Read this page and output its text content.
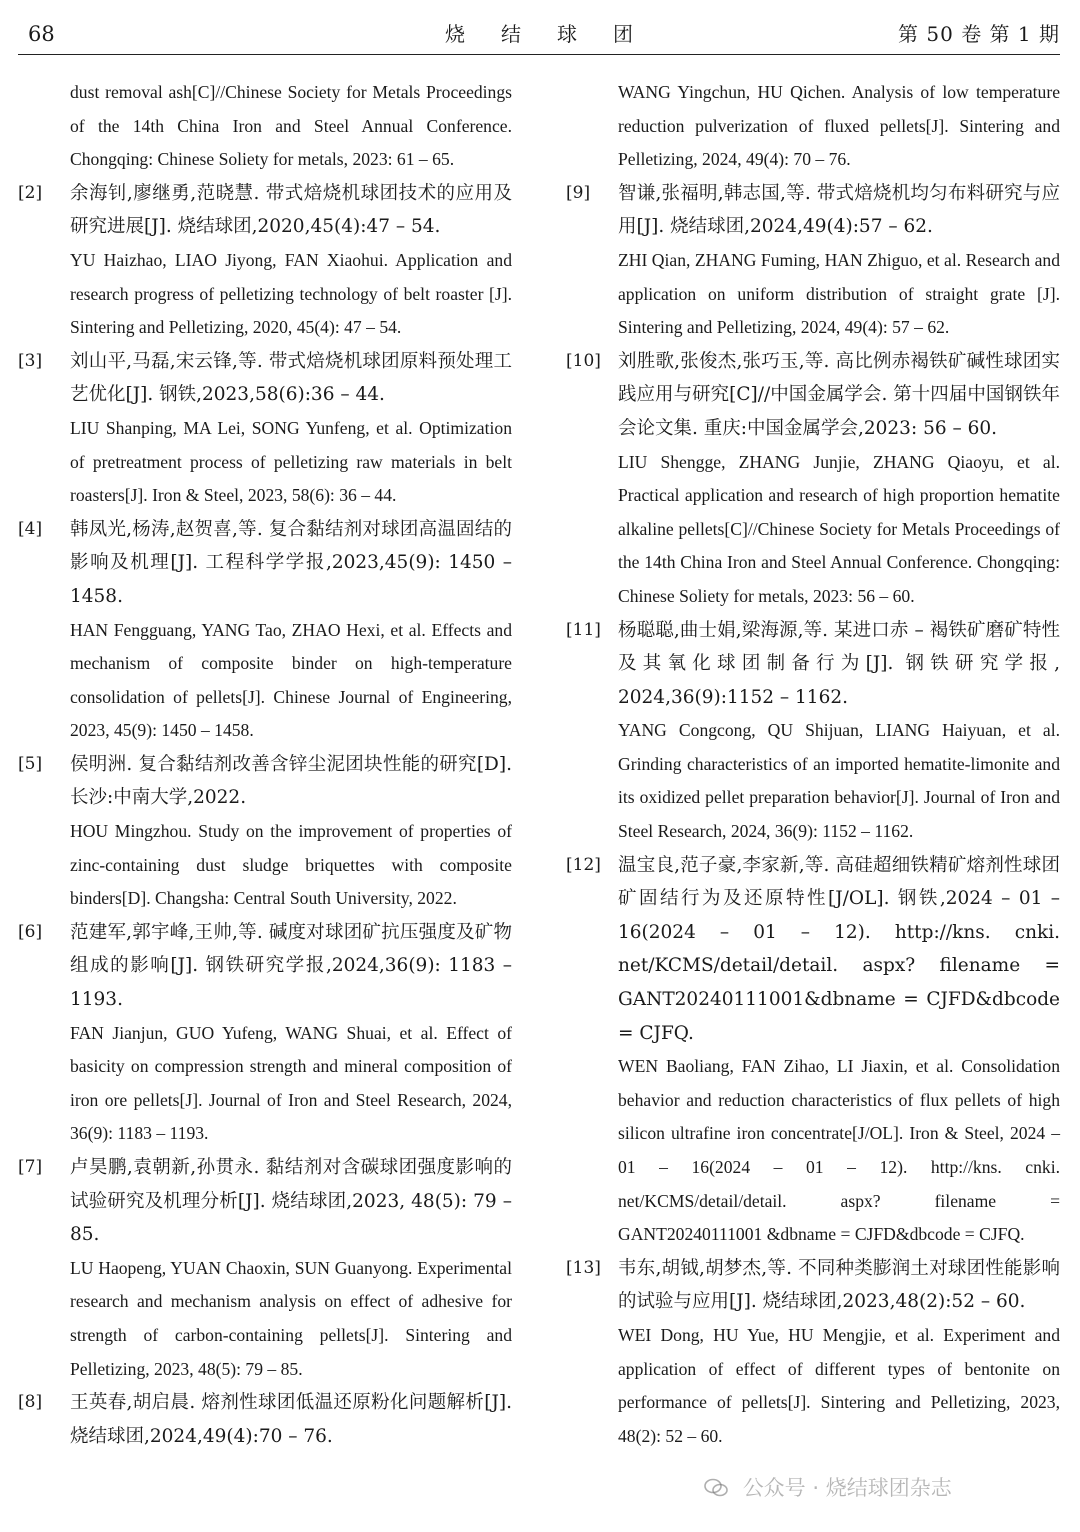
68	烧结球团	第 50 卷 第 1 期
dust removal ash[C]//Chinese Society for Metals Proceedings of the 14th China Iron and Steel Annual Conference. Chongqing: Chinese Soliety for metals, 2023: 61 – 65.
[2]	余海钊,廖继勇,范晓慧. 带式焙烧机球团技术的应用及研究进展[J]. 烧结球团,2020,45(4):47 – 54.
YU Haizhao, LIAO Jiyong, FAN Xiaohui. Application and research progress of pelletizing technology of belt roaster [J]. Sintering and Pelletizing, 2020, 45(4): 47 – 54.
[3]	刘山平,马磊,宋云锋,等. 带式焙烧机球团原料预处理工艺优化[J]. 钢铁,2023,58(6):36 – 44.
LIU Shanping, MA Lei, SONG Yunfeng, et al. Optimization of pretreatment process of pelletizing raw materials in belt roasters[J]. Iron & Steel, 2023, 58(6): 36 – 44.
[4]	韩凤光,杨涛,赵贺喜,等. 复合黏结剂对球团高温固结的影响及机理[J]. 工程科学学报,2023,45(9): 1450 – 1458.
HAN Fengguang, YANG Tao, ZHAO Hexi, et al. Effects and mechanism of composite binder on high-temperature consolidation of pellets[J]. Chinese Journal of Engineering, 2023, 45(9): 1450 – 1458.
[5]	侯明洲. 复合黏结剂改善含锌尘泥团块性能的研究[D]. 长沙:中南大学,2022.
HOU Mingzhou. Study on the improvement of properties of zinc-containing dust sludge briquettes with composite binders[D]. Changsha: Central South University, 2022.
[6]	范建军,郭宇峰,王帅,等. 碱度对球团矿抗压强度及矿物组成的影响[J]. 钢铁研究学报,2024,36(9): 1183 – 1193.
FAN Jianjun, GUO Yufeng, WANG Shuai, et al. Effect of basicity on compression strength and mineral composition of iron ore pellets[J]. Journal of Iron and Steel Research, 2024, 36(9): 1183 – 1193.
[7]	卢昊鹏,袁朝新,孙贯永. 黏结剂对含碳球团强度影响的试验研究及机理分析[J]. 烧结球团,2023, 48(5): 79 – 85.
LU Haopeng, YUAN Chaoxin, SUN Guanyong. Experimental research and mechanism analysis on effect of adhesive for strength of carbon-containing pellets[J]. Sintering and Pelletizing, 2023, 48(5): 79 – 85.
[8]	王英春,胡启晨. 熔剂性球团低温还原粉化问题解析[J]. 烧结球团,2024,49(4):70 – 76.
WANG Yingchun, HU Qichen. Analysis of low temperature reduction pulverization of fluxed pellets[J]. Sintering and Pelletizing, 2024, 49(4): 70 – 76.
[9]	智谦,张福明,韩志国,等. 带式焙烧机均匀布料研究与应用[J]. 烧结球团,2024,49(4):57 – 62.
ZHI Qian, ZHANG Fuming, HAN Zhiguo, et al. Research and application on uniform distribution of straight grate [J]. Sintering and Pelletizing, 2024, 49(4): 57 – 62.
[10] 刘胜歌,张俊杰,张巧玉,等. 高比例赤褐铁矿碱性球团实践应用与研究[C]//中国金属学会. 第十四届中国钢铁年会论文集. 重庆:中国金属学会,2023: 56 – 60.
LIU Shengge, ZHANG Junjie, ZHANG Qiaoyu, et al. Practical application and research of high proportion hematite alkaline pellets[C]//Chinese Society for Metals Proceedings of the 14th China Iron and Steel Annual Conference. Chongqing: Chinese Soliety for metals, 2023: 56 – 60.
[11] 杨聪聪,曲士娟,梁海源,等. 某进口赤 – 褐铁矿磨矿特性及其氧化球团制备行为[J]. 钢铁研究学报, 2024,36(9):1152 – 1162.
YANG Congcong, QU Shijuan, LIANG Haiyuan, et al. Grinding characteristics of an imported hematite-limonite and its oxidized pellet preparation behavior[J]. Journal of Iron and Steel Research, 2024, 36(9): 1152 – 1162.
[12] 温宝良,范子豪,李家新,等. 高硅超细铁精矿熔剂性球团矿固结行为及还原特性[J/OL]. 钢铁,2024 – 01 – 16(2024 – 01 – 12). http://kns. cnki. net/KCMS/detail/detail. aspx? filename = GANT20240111001&dbname = CJFD&dbcode = CJFQ.
WEN Baoliang, FAN Zihao, LI Jiaxin, et al. Consolidation behavior and reduction characteristics of flux pellets of high silicon ultrafine iron concentrate[J/OL]. Iron & Steel, 2024 – 01 – 16(2024 – 01 – 12). http://kns. cnki. net/KCMS/detail/detail. aspx? filename = GANT20240111001 &dbname = CJFD&dbcode = CJFQ.
[13] 韦东,胡钺,胡梦杰,等. 不同种类膨润土对球团性能影响的试验与应用[J]. 烧结球团,2023,48(2):52 – 60.
WEI Dong, HU Yue, HU Mengjie, et al. Experiment and application of effect of different types of bentonite on performance of pellets[J]. Sintering and Pelletizing, 2023, 48(2): 52 – 60.
公众号 · 烧结球团杂志
